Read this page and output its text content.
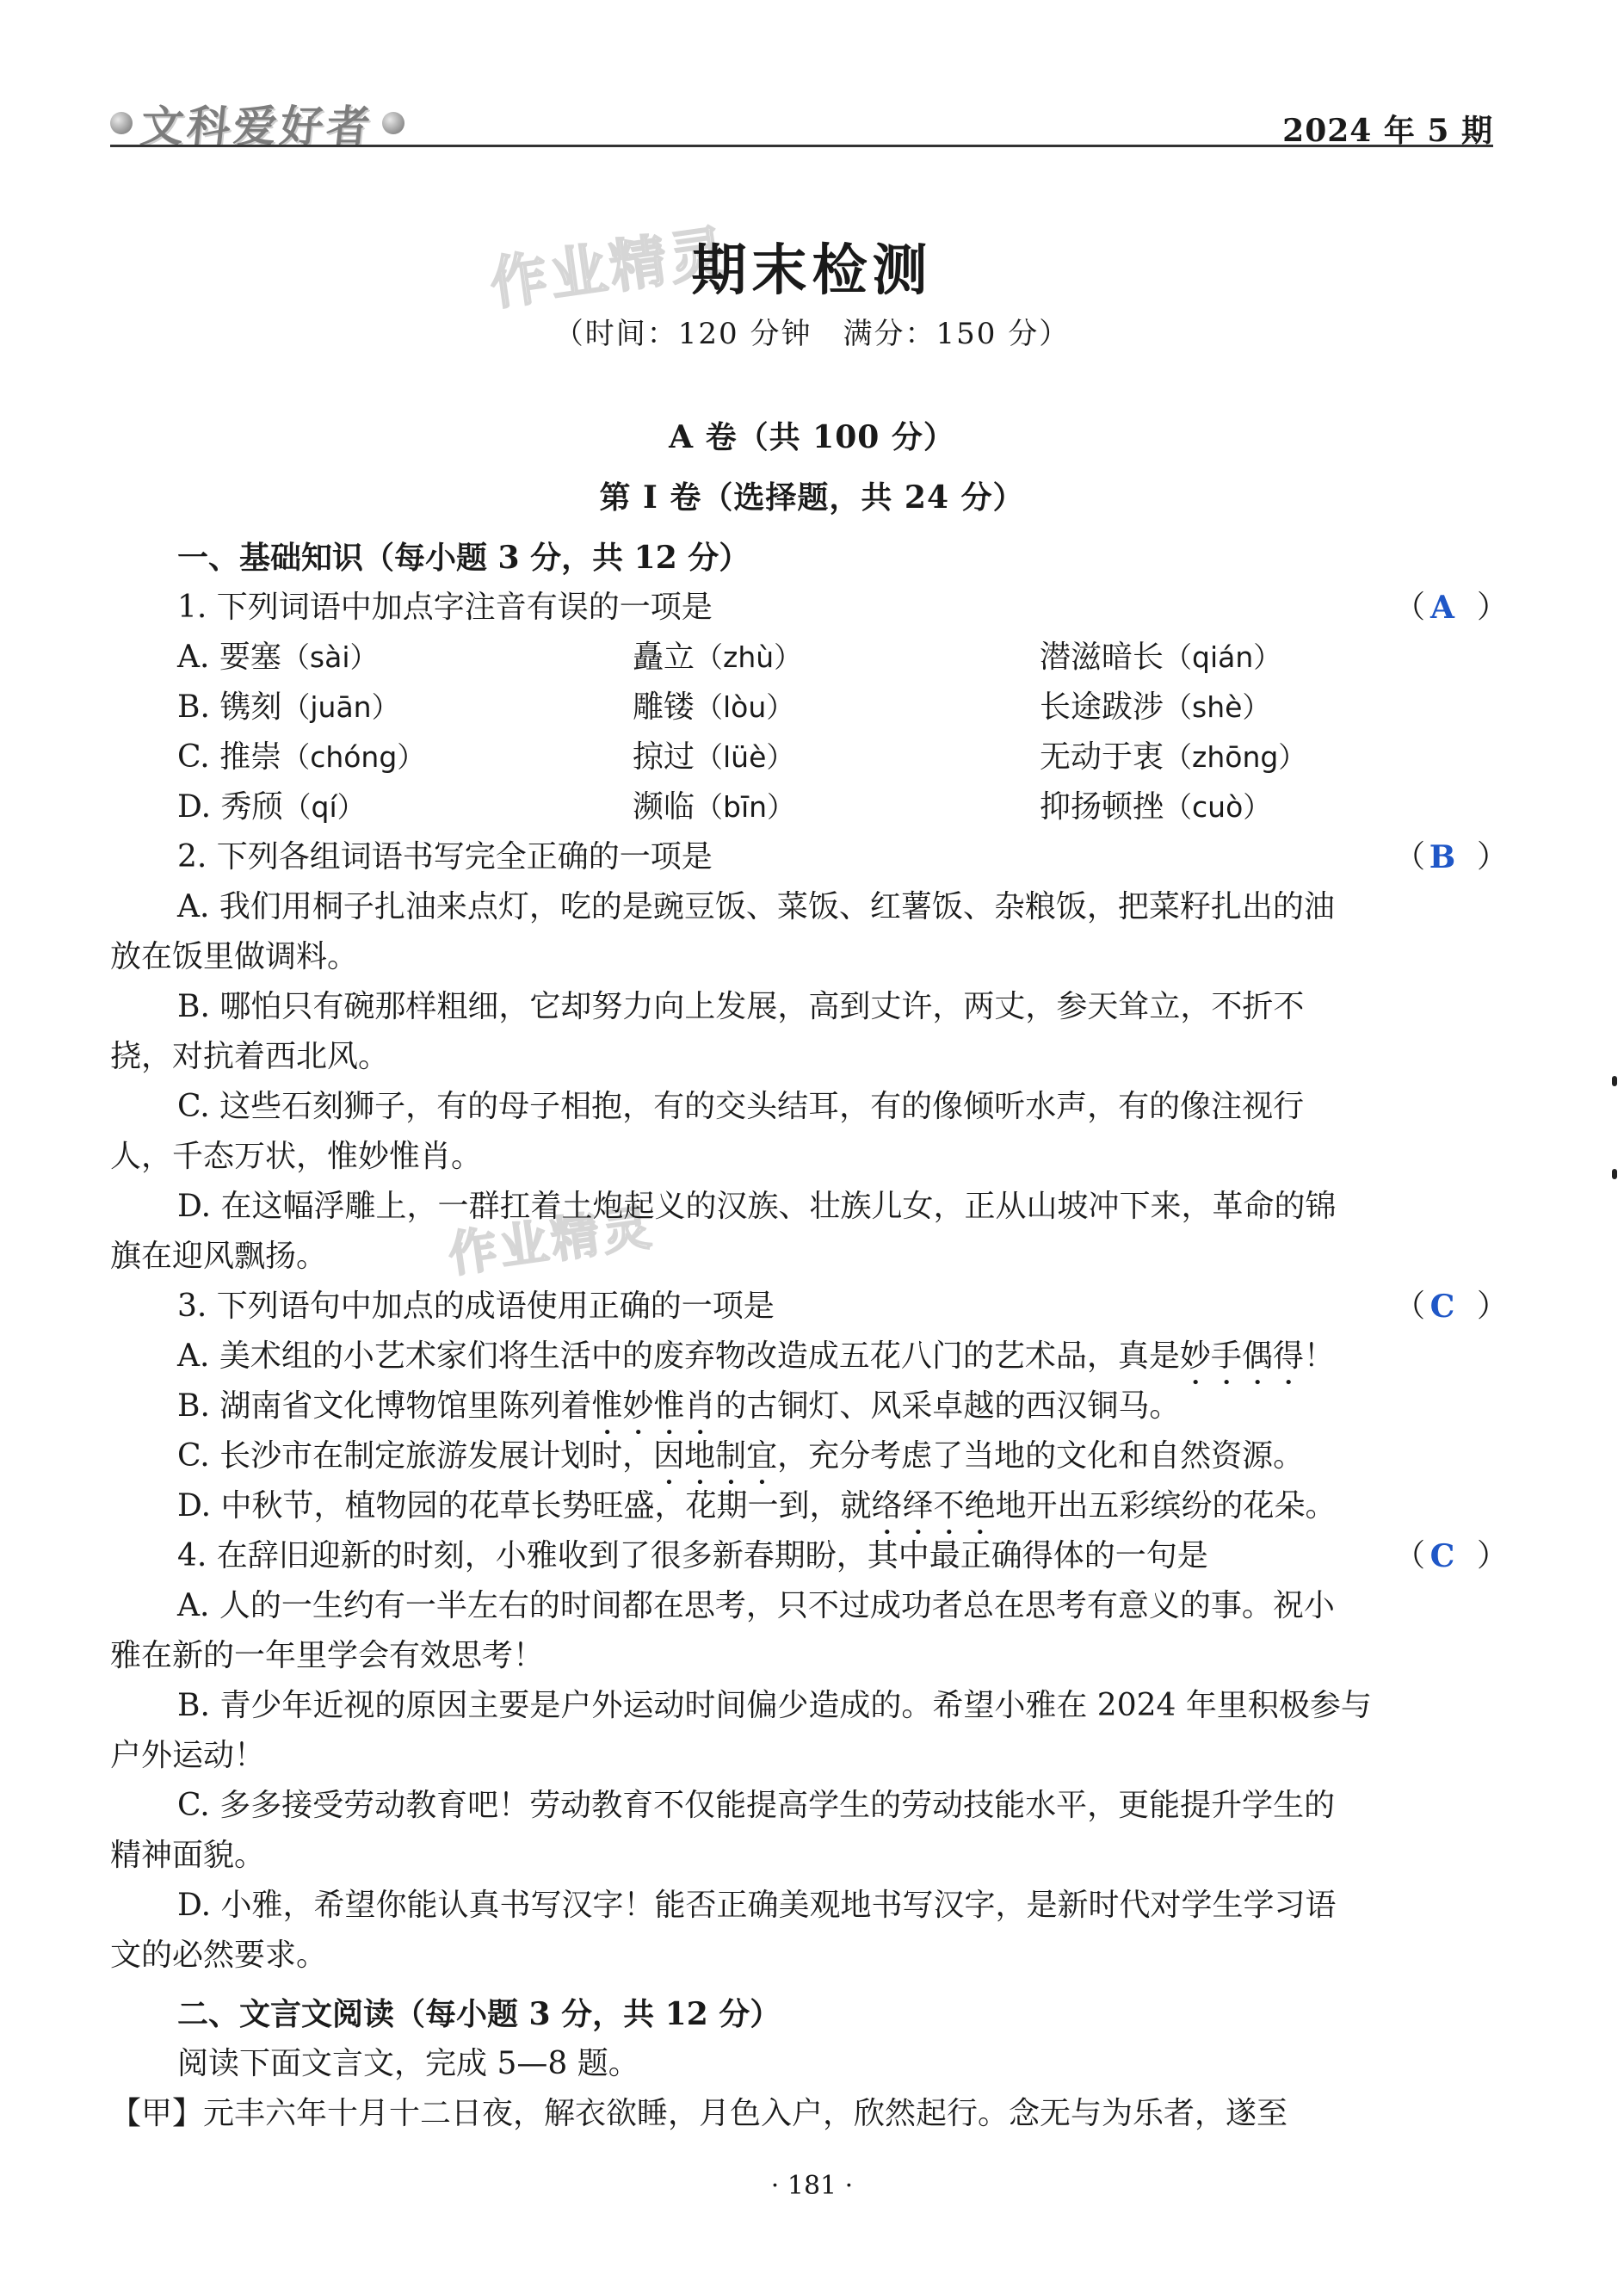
文科爱好者	2024 年 5 期
作业精灵
作业精灵
期末检测
（时间：120 分钟　满分：150 分）
A 卷（共 100 分）
第 Ⅰ 卷（选择题，共 24 分）
一、基础知识（每小题 3 分，共 12 分）
1. 下列词语中加点字注音有误的一项是	（ A ）
A. 要塞（sài）	矗立（zhù）	潜滋暗长（qián）
B. 镌刻（juān）	雕镂（lòu）	长途跋涉（shè）
C. 推崇（chóng）	掠过（lüè）	无动于衷（zhōng）
D. 秀颀（qí）	濒临（bīn）	抑扬顿挫（cuò）
2. 下列各组词语书写完全正确的一项是	（ B ）
A. 我们用桐子扎油来点灯，吃的是豌豆饭、菜饭、红薯饭、杂粮饭，把菜籽扎出的油
放在饭里做调料。
B. 哪怕只有碗那样粗细，它却努力向上发展，高到丈许，两丈，参天耸立，不折不
挠，对抗着西北风。
C. 这些石刻狮子，有的母子相抱，有的交头结耳，有的像倾听水声，有的像注视行
人，千态万状，惟妙惟肖。
D. 在这幅浮雕上，一群扛着土炮起义的汉族、壮族儿女，正从山坡冲下来，革命的锦
旗在迎风飘扬。
3. 下列语句中加点的成语使用正确的一项是	（ C ）
A. 美术组的小艺术家们将生活中的废弃物改造成五花八门的艺术品，真是妙手偶得！
B. 湖南省文化博物馆里陈列着惟妙惟肖的古铜灯、风采卓越的西汉铜马。
C. 长沙市在制定旅游发展计划时，因地制宜，充分考虑了当地的文化和自然资源。
D. 中秋节，植物园的花草长势旺盛，花期一到，就络绎不绝地开出五彩缤纷的花朵。
4. 在辞旧迎新的时刻，小雅收到了很多新春期盼，其中最正确得体的一句是	（ C ）
A. 人的一生约有一半左右的时间都在思考，只不过成功者总在思考有意义的事。祝小
雅在新的一年里学会有效思考！
B. 青少年近视的原因主要是户外运动时间偏少造成的。希望小雅在 2024 年里积极参与
户外运动！
C. 多多接受劳动教育吧！劳动教育不仅能提高学生的劳动技能水平，更能提升学生的
精神面貌。
D. 小雅，希望你能认真书写汉字！能否正确美观地书写汉字，是新时代对学生学习语
文的必然要求。
二、文言文阅读（每小题 3 分，共 12 分）
阅读下面文言文，完成 5—8 题。
【甲】元丰六年十月十二日夜，解衣欲睡，月色入户，欣然起行。念无与为乐者，遂至
· 181 ·
